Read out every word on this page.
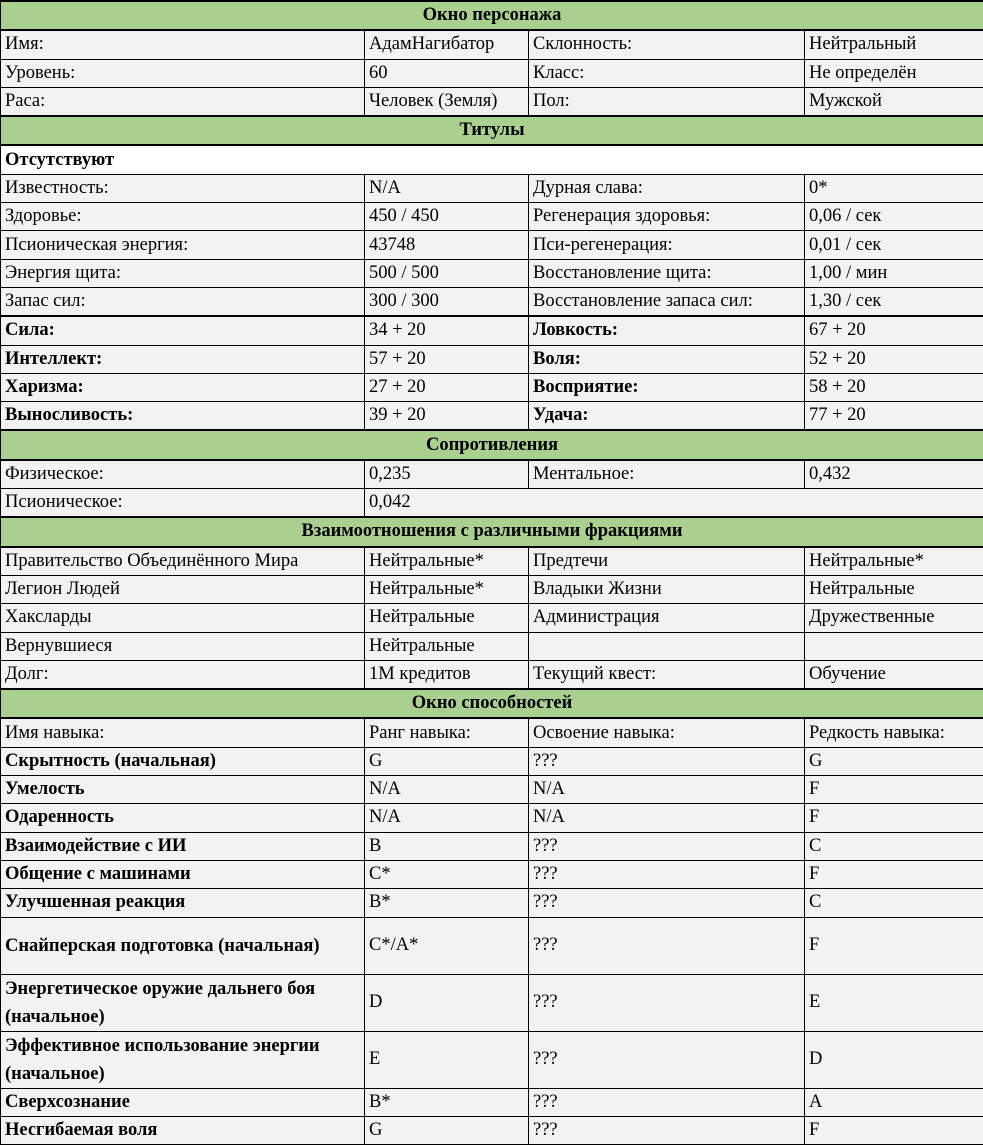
Окно персонажа			
Имя:	АдамНагибатор	Склонность:	Нейтральный
Уровень:	60	Класс:	Не определён
Раса:	Человек (Земля)	Пол:	Мужской
Титулы			
Отсутствуют			
Известность:	N/A	Дурная слава:	0*
Здоровье:	450 / 450	Регенерация здоровья:	0,06 / сек
Псионическая энергия:	43748	Пси-регенерация:	0,01 / сек
Энергия щита:	500 / 500	Восстановление щита:	1,00 / мин
Запас сил:	300 / 300	Восстановление запаса сил:	1,30 / сек
Сила:	34 + 20	Ловкость:	67 + 20
Интеллект:	57 + 20	Воля:	52 + 20
Харизма:	27 + 20	Восприятие:	58 + 20
Выносливость:	39 + 20	Удача:	77 + 20
Сопротивления			
Физическое:	0,235	Ментальное:	0,432
Псионическое:	0,042		
Взаимоотношения с различными фракциями			
Правительство Объединённого Мира	Нейтральные*	Предтечи	Нейтральные*
Легион Людей	Нейтральные*	Владыки Жизни	Нейтральные
Хаксларды	Нейтральные	Администрация	Дружественные
Вернувшиеся	Нейтральные		
Долг:	1М кредитов	Текущий квест:	Обучение
Окно способностей			
Имя навыка:	Ранг навыка:	Освоение навыка:	Редкость навыка:
Скрытность (начальная)	G	???	G
Умелость	N/A	N/A	F
Одаренность	N/A	N/A	F
Взаимодействие с ИИ	B	???	C
Общение с машинами	C*	???	F
Улучшенная реакция	B*	???	C
Снайперская подготовка (начальная)	C*/A*	???	F
Энергетическое оружие дальнего боя (начальное)	D	???	E
Эффективное использование энергии (начальное)	E	???	D
Сверхсознание	B*	???	A
Несгибаемая воля	G	???	F
